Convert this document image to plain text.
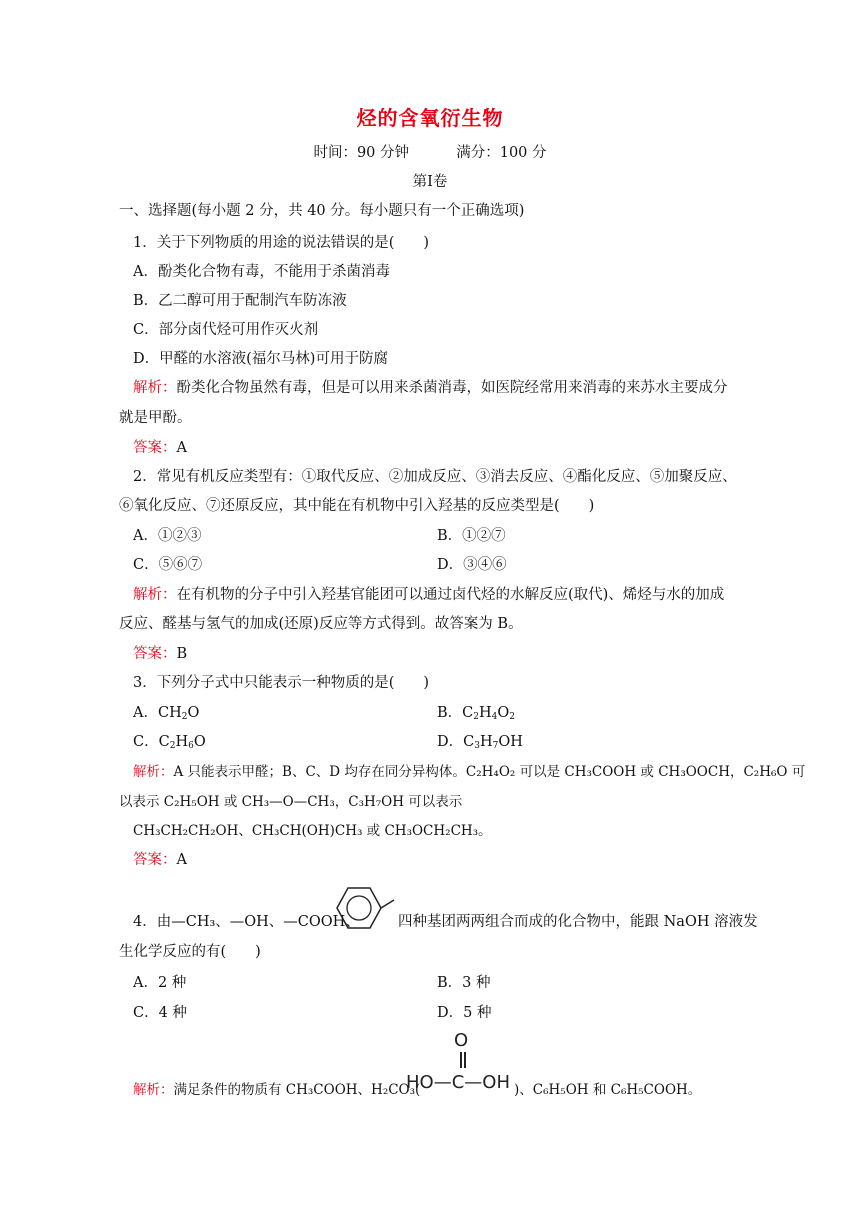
烃的含氧衍生物
时间：90 分钟	满分：100 分
第Ⅰ卷
一、选择题(每小题 2 分，共 40 分。每小题只有一个正确选项)
1．关于下列物质的用途的说法错误的是(　　)
A．酚类化合物有毒，不能用于杀菌消毒
B．乙二醇可用于配制汽车防冻液
C．部分卤代烃可用作灭火剂
D．甲醛的水溶液(福尔马林)可用于防腐
解析：酚类化合物虽然有毒，但是可以用来杀菌消毒，如医院经常用来消毒的来苏水主要成分
就是甲酚。
答案：A
2．常见有机反应类型有：①取代反应、②加成反应、③消去反应、④酯化反应、⑤加聚反应、
⑥氧化反应、⑦还原反应，其中能在有机物中引入羟基的反应类型是(　　)
A．①②③	B．①②⑦
C．⑤⑥⑦	D．③④⑥
解析：在有机物的分子中引入羟基官能团可以通过卤代烃的水解反应(取代)、烯烃与水的加成
反应、醛基与氢气的加成(还原)反应等方式得到。故答案为 B。
答案：B
3．下列分子式中只能表示一种物质的是(　　)
A．$CH_2O$	B．$C_2H_4O_2$
C．$C_2H_6O$	D．$C_3H_7OH$
解析：A 只能表示甲醛；B、C、D 均存在同分异构体。C₂H₄O₂ 可以是 CH₃COOH 或 CH₃OOCH，C₂H₆O 可
以表示 C₂H₅OH 或 CH₃—O—CH₃，C₃H₇OH 可以表示
CH₃CH₂CH₂OH、CH₃CH(OH)CH₃ 或 CH₃OCH₂CH₃。
答案：A
4．由—CH₃、—OH、—COOH、	四种基团两两组合而成的化合物中，能跟 NaOH 溶液发
生化学反应的有(　　)
A．2 种	B．3 种
C．4 种	D．5 种
解析：满足条件的物质有 CH₃COOH、H₂CO₃(
O
HO—C—OH )、C₆H₅OH 和 C₆H₅COOH。
